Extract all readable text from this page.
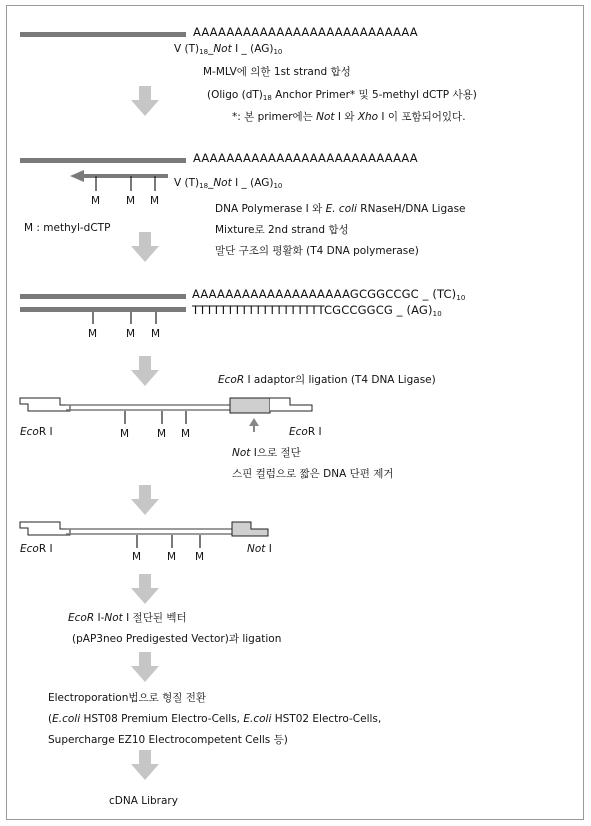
AAAAAAAAAAAAAAAAAAAAAAAAAAA
V $(T)_{18}\_Not$ I _ $(AG)_{10}$
M-MLV에 의한 1st strand 합성
(Oligo $(dT)_{18}$ Anchor Primer* 및 5-methyl dCTP 사용)
*: 본 primer에는 Not I 와 Xho I 이 포함되어있다.
AAAAAAAAAAAAAAAAAAAAAAAAAAA
V $(T)_{18}\_Not$ I _ $(AG)_{10}$
M M M
M : methyl-dCTP
DNA Polymerase I 와 E. coli RNaseH/DNA Ligase
Mixture로 2nd strand 합성
말단 구조의 평활화 (T4 DNA polymerase)
AAAAAAAAAAAAAAAAAAAGCGGCCGC _ $(TC)_{10}$
TTTTTTTTTTTTTTTTTTTCGCCGGCG _ $(AG)_{10}$
M	M M
EcoR I adaptor의 ligation (T4 DNA Ligase)
EcoR I	EcoR I
M	M M
Not I으로 절단
스핀 컬럼으로 짧은 DNA 단편 제거
EcoR I	Not I
M M M
EcoR I-Not I 절단된 벡터
(pAP3neo Predigested Vector)과 ligation
Electroporation법으로 형질 전환
(E.coli HST08 Premium Electro-Cells, E.coli HST02 Electro-Cells,
Supercharge EZ10 Electrocompetent Cells 등)
cDNA Library
